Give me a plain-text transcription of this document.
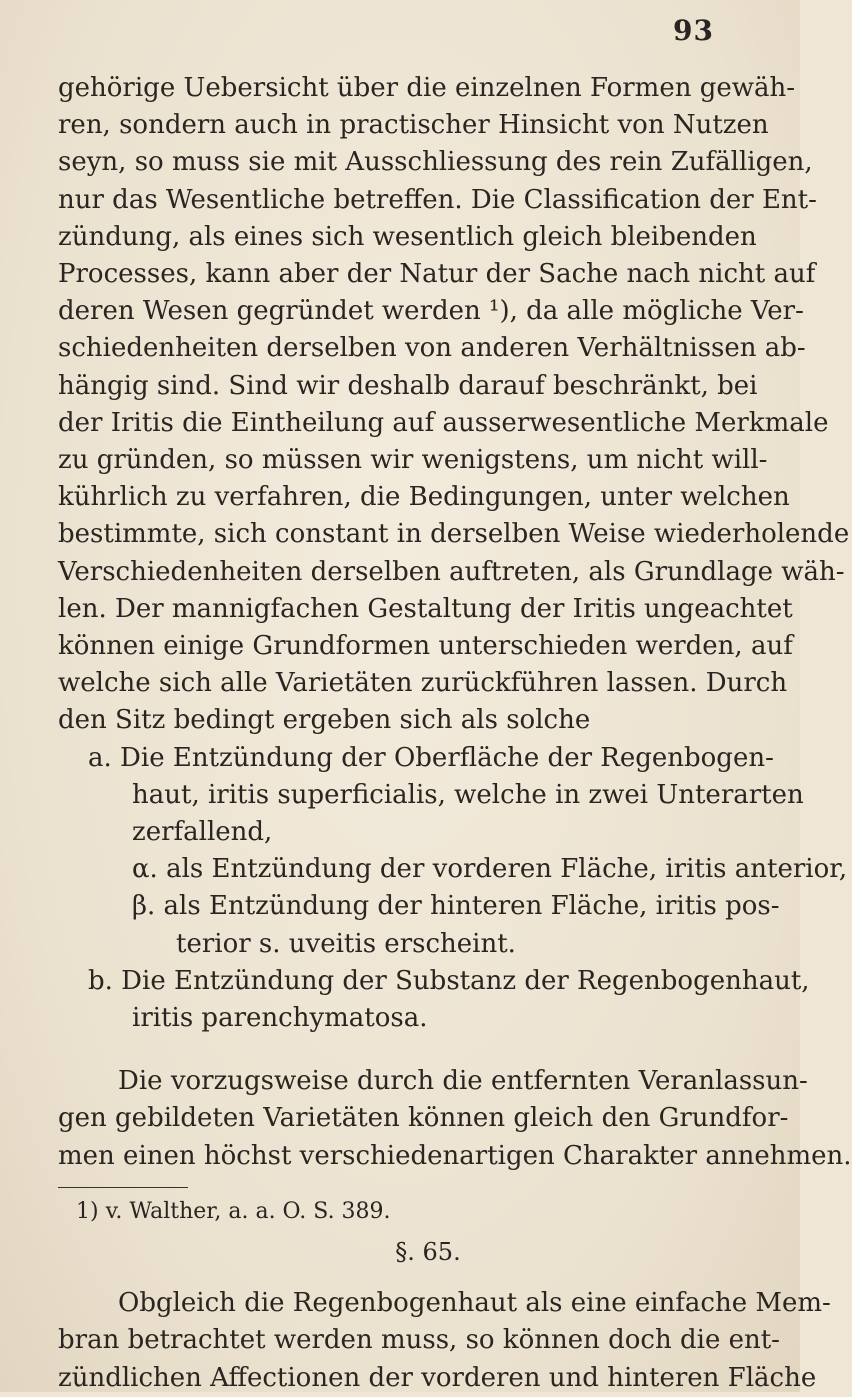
93
gehörige Uebersicht über die einzelnen Formen gewäh-
ren, sondern auch in practischer Hinsicht von Nutzen
seyn, so muss sie mit Ausschliessung des rein Zufälligen,
nur das Wesentliche betreffen. Die Classification der Ent-
zündung, als eines sich wesentlich gleich bleibenden
Processes, kann aber der Natur der Sache nach nicht auf
deren Wesen gegründet werden ¹), da alle mögliche Ver-
schiedenheiten derselben von anderen Verhältnissen ab-
hängig sind. Sind wir deshalb darauf beschränkt, bei
der Iritis die Eintheilung auf ausserwesentliche Merkmale
zu gründen, so müssen wir wenigstens, um nicht will-
kührlich zu verfahren, die Bedingungen, unter welchen
bestimmte, sich constant in derselben Weise wiederholende
Verschiedenheiten derselben auftreten, als Grundlage wäh-
len. Der mannigfachen Gestaltung der Iritis ungeachtet
können einige Grundformen unterschieden werden, auf
welche sich alle Varietäten zurückführen lassen. Durch
den Sitz bedingt ergeben sich als solche
a. Die Entzündung der Oberfläche der Regenbogen-
haut, iritis superficialis, welche in zwei Unterarten
zerfallend,
α. als Entzündung der vorderen Fläche, iritis anterior,
β. als Entzündung der hinteren Fläche, iritis pos-
terior s. uveitis erscheint.
b. Die Entzündung der Substanz der Regenbogenhaut,
iritis parenchymatosa.
Die vorzugsweise durch die entfernten Veranlassun-
gen gebildeten Varietäten können gleich den Grundfor-
men einen höchst verschiedenartigen Charakter annehmen.
1) v. Walther, a. a. O. S. 389.
§. 65.
Obgleich die Regenbogenhaut als eine einfache Mem-
bran betrachtet werden muss, so können doch die ent-
zündlichen Affectionen der vorderen und hinteren Fläche
